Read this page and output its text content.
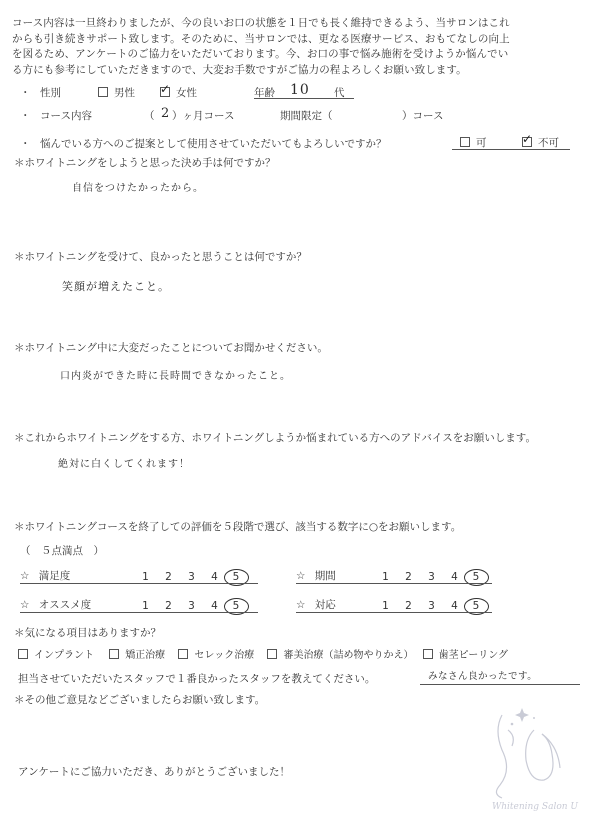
コース内容は一旦終わりましたが、今の良いお口の状態を１日でも長く維持できるよう、当サロンはこれ
からも引き続きサポート致します。そのために、当サロンでは、更なる医療サービス、おもてなしの向上
を図るため、アンケートのご協力をいただいております。今、お口の事で悩み施術を受けようか悩んでい
る方にも参考にしていただきますので、大変お手数ですがご協力の程よろしくお願い致します。
・ 性別	男性 ✓ 女性	年齢 10 代
・ コース内容	（ 2 ）ヶ月コース	期間限定（	）コース
・ 悩んでいる方へのご提案として使用させていただいてもよろしいですか？	可	✓ 不可
＊ホワイトニングをしようと思った決め手は何ですか？
自信をつけたかったから。
＊ホワイトニングを受けて、良かったと思うことは何ですか？
笑顔が増えたこと。
＊ホワイトニング中に大変だったことについてお聞かせください。
口内炎ができた時に長時間できなかったこと。
＊これからホワイトニングをする方、ホワイトニングしようか悩まれている方へのアドバイスをお願いします。
絶対に白くしてくれます！
＊ホワイトニングコースを終了しての評価を５段階で選び、該当する数字に○をお願いします。
（　５点満点　）
☆ 満足度	1 2 3 4 5	☆ 期間	1 2 3 4 5
☆ オススメ度	1 2 3 4 5	☆ 対応	1 2 3 4 5
＊気になる項目はありますか？
インプラント	矯正治療	セレック治療	審美治療（詰め物やりかえ）	歯茎ピーリング
担当させていただいたスタッフで１番良かったスタッフを教えてください。	みなさん良かったです。
＊その他ご意見などございましたらお願い致します。
アンケートにご協力いただき、ありがとうございました！
Whitening Salon U
